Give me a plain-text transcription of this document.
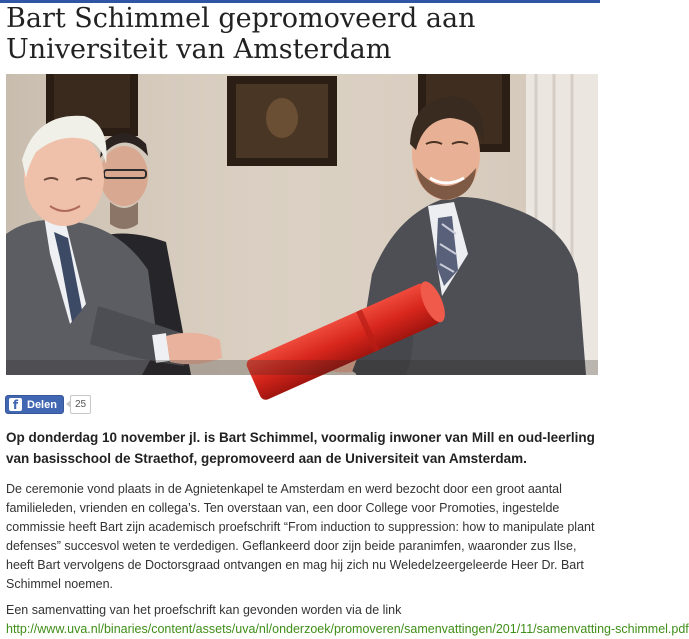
Bart Schimmel gepromoveerd aan Universiteit van Amsterdam
f Delen	25

Op donderdag 10 november jl. is Bart Schimmel, voormalig inwoner van Mill en oud-leerling van basisschool de Straethof, gepromoveerd aan de Universiteit van Amsterdam.

De ceremonie vond plaats in de Agnietenkapel te Amsterdam en werd bezocht door een groot aantal familieleden, vrienden en collega’s. Ten overstaan van, een door College voor Promoties, ingestelde commissie heeft Bart zijn academisch proefschrift “From induction to suppression: how to manipulate plant defenses” succesvol weten te verdedigen. Geflankeerd door zijn beide paranimfen, waaronder zus Ilse, heeft Bart vervolgens de Doctorsgraad ontvangen en mag hij zich nu Weledelzeergeleerde Heer Dr. Bart Schimmel noemen.

Een samenvatting van het proefschrift kan gevonden worden via de link
http://www.uva.nl/binaries/content/assets/uva/nl/onderzoek/promoveren/samenvattingen/201/11/samenvatting-schimmel.pdf
